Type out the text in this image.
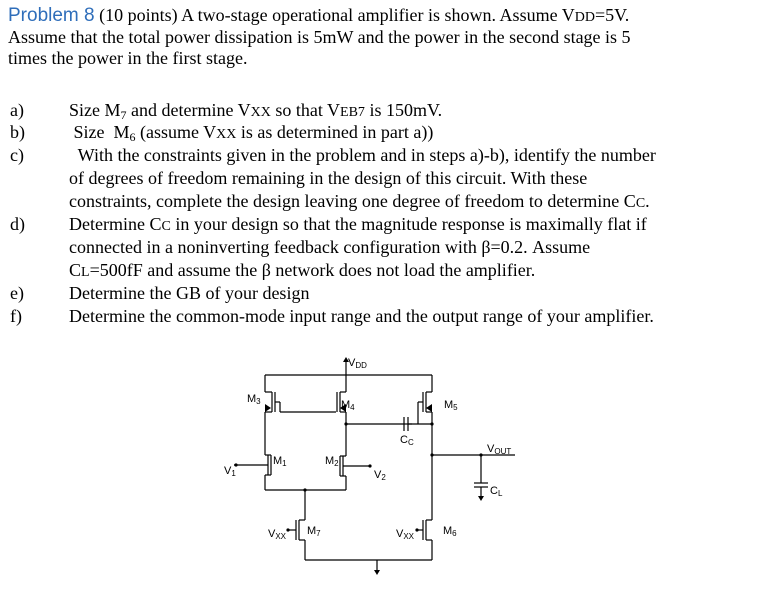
Problem 8 (10 points) A two-stage operational amplifier is shown. Assume VDD=5V.
Assume that the total power dissipation is 5mW and the power in the second stage is 5
times the power in the first stage.
a)	Size $M_7$ and determine VXX so that VEB7 is 150mV.
b) Size  $M_6$ (assume VXX is as determined in part a))
c)	With the constraints given in the problem and in steps a)-b), identify the number
of degrees of freedom remaining in the design of this circuit. With these
constraints, complete the design leaving one degree of freedom to determine CC.
d) Determine CC in your design so that the magnitude response is maximally flat if
connected in a noninverting feedback configuration with β=0.2. Assume
CL=500fF and assume the β network does not load the amplifier.
e)	Determine the GB of your design
f)	Determine the common-mode input range and the output range of your amplifier.
VDD
M3	M4	M5
CC
VOUT
M1	M2
V1	V2
CL
VXX M7	VXX	M6
